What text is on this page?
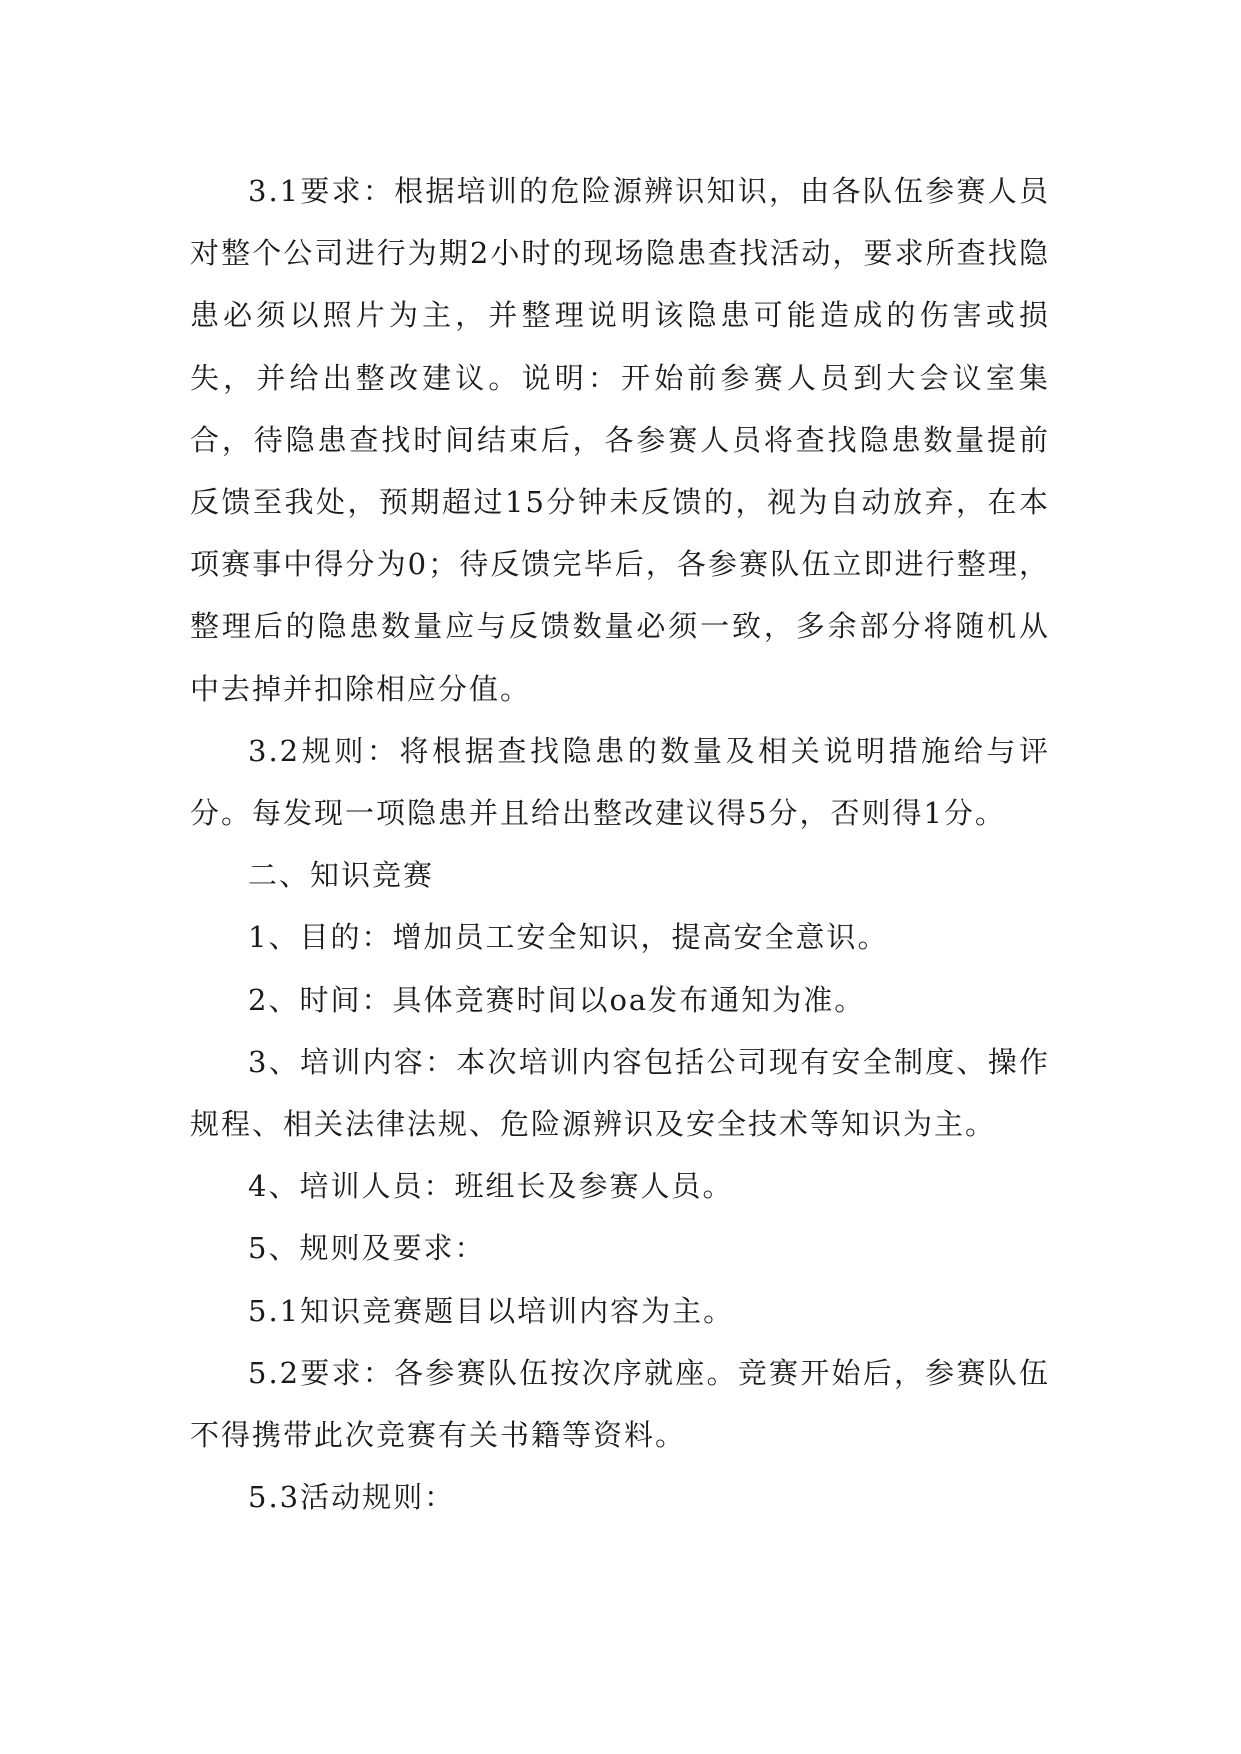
3.1要求：根据培训的危险源辨识知识，由各队伍参赛人员对整个公司进行为期2小时的现场隐患查找活动，要求所查找隐患必须以照片为主，并整理说明该隐患可能造成的伤害或损失，并给出整改建议。说明：开始前参赛人员到大会议室集合，待隐患查找时间结束后，各参赛人员将查找隐患数量提前反馈至我处，预期超过15分钟未反馈的，视为自动放弃，在本项赛事中得分为0；待反馈完毕后，各参赛队伍立即进行整理，整理后的隐患数量应与反馈数量必须一致，多余部分将随机从中去掉并扣除相应分值。

3.2规则：将根据查找隐患的数量及相关说明措施给与评分。每发现一项隐患并且给出整改建议得5分，否则得1分。

二、知识竞赛

1、目的：增加员工安全知识，提高安全意识。

2、时间：具体竞赛时间以oa发布通知为准。

3、培训内容：本次培训内容包括公司现有安全制度、操作规程、相关法律法规、危险源辨识及安全技术等知识为主。

4、培训人员：班组长及参赛人员。

5、规则及要求：

5.1知识竞赛题目以培训内容为主。

5.2要求：各参赛队伍按次序就座。竞赛开始后，参赛队伍不得携带此次竞赛有关书籍等资料。

5.3活动规则：
